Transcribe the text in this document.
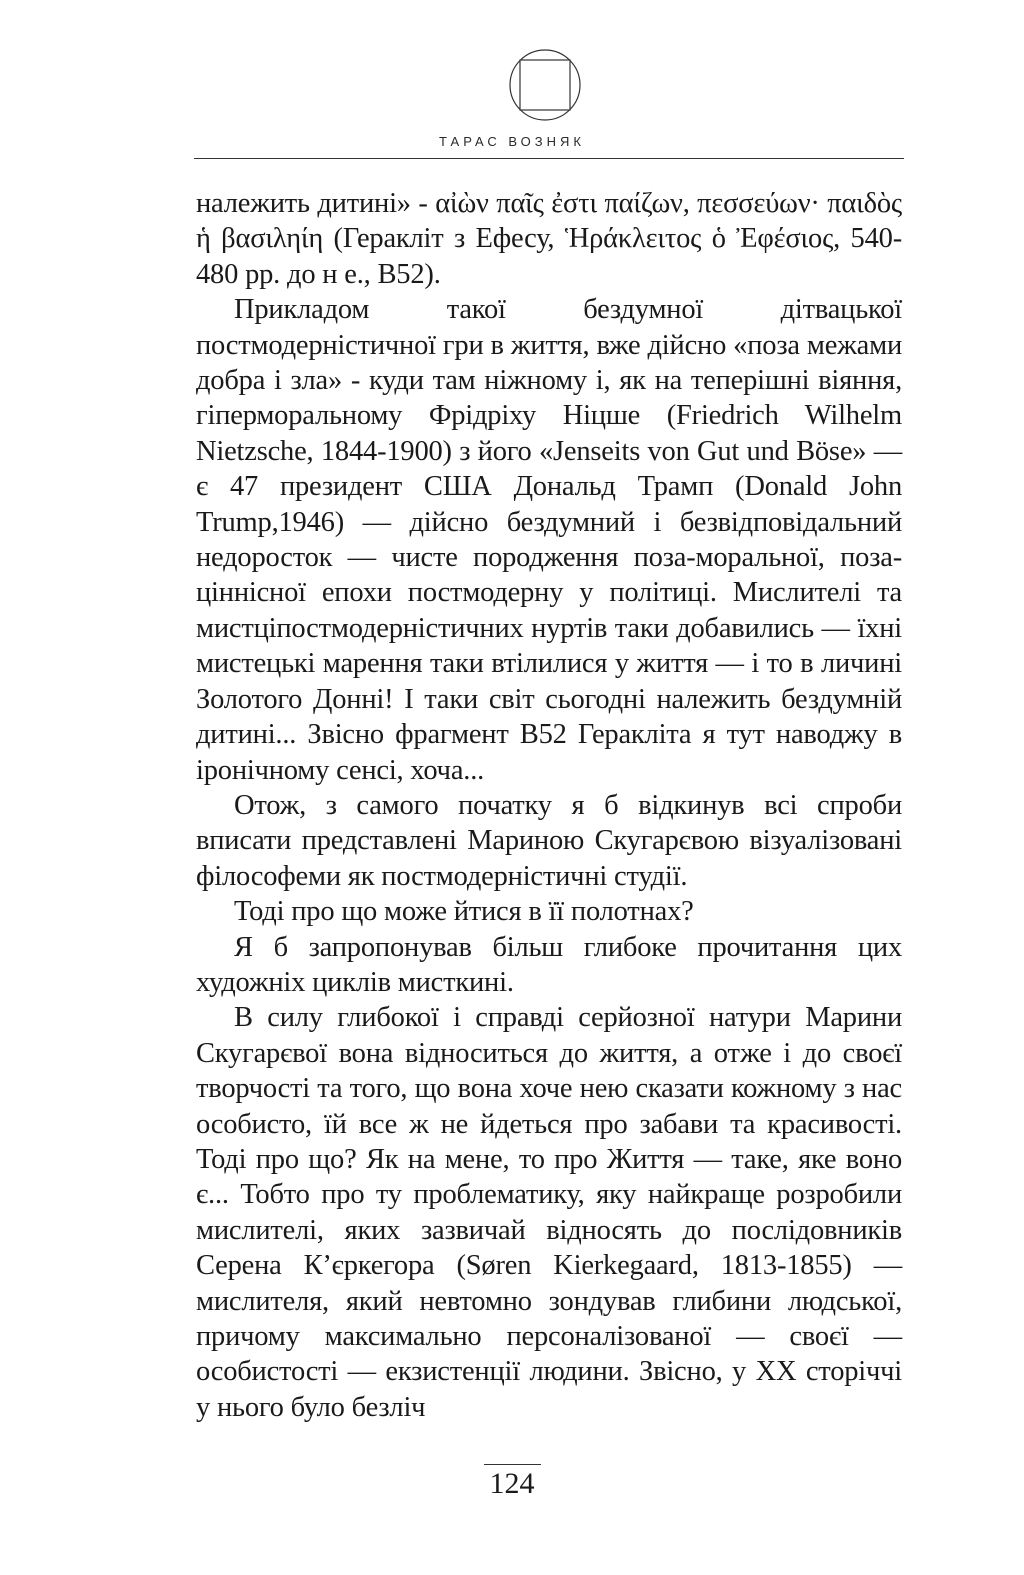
ТАРАС ВОЗНЯК

належить дитині» - αἰὼν παῖς ἐστι παίζων, πεσσεύων· παιδὸς ἡ βασιληίη (Геракліт з Ефесу, Ἡράκλειτος ὁ Ἐφέσιος, 540-480 рр. до н е., B52).

Прикладом такої бездумної дітвацької постмодерністичної гри в життя, вже дійсно «поза межами добра і зла» - куди там ніжному і, як на теперішні віяння, гіперморальному Фрідріху Ніцше (Friedrich Wilhelm Nietzsche, 1844-1900) з його «Jenseits von Gut und Böse» — є 47 президент США Дональд Трамп (Donald John Trump,1946) — дійсно бездумний і безвідповідальний недоросток — чисте породження поза-моральної, поза-ціннісної епохи постмодерну у політиці. Мислителі та мистціпостмодерністичних нуртів таки добавились — їхні мистецькі марення таки втілилися у життя — і то в личині Золотого Донні! І таки світ сьогодні належить бездумній дитині... Звісно фрагмент B52 Геракліта я тут наводжу в іронічному сенсі, хоча...

Отож, з самого початку я б відкинув всі спроби вписати представлені Мариною Скугарєвою візуалізовані філософеми як постмодерністичні студії.

Тоді про що може йтися в її полотнах?

Я б запропонував більш глибоке прочитання цих художніх циклів мисткині.

В силу глибокої і справді серйозної натури Марини Скугарєвої вона відноситься до життя, а отже і до своєї творчості та того, що вона хоче нею сказати кожному з нас особисто, їй все ж не йдеться про забави та красивості. Тоді про що? Як на мене, то про Життя — таке, яке воно є... Тобто про ту проблематику, яку найкраще розробили мислителі, яких зазвичай відносять до послідовників Серена К’єркегора (Søren Kierkegaard, 1813-1855) — мислителя, який невтомно зондував глибини людської, причому максимально персоналізованої — своєї — особистості — екзистенції людини. Звісно, у ХХ сторіччі у нього було безліч

124
